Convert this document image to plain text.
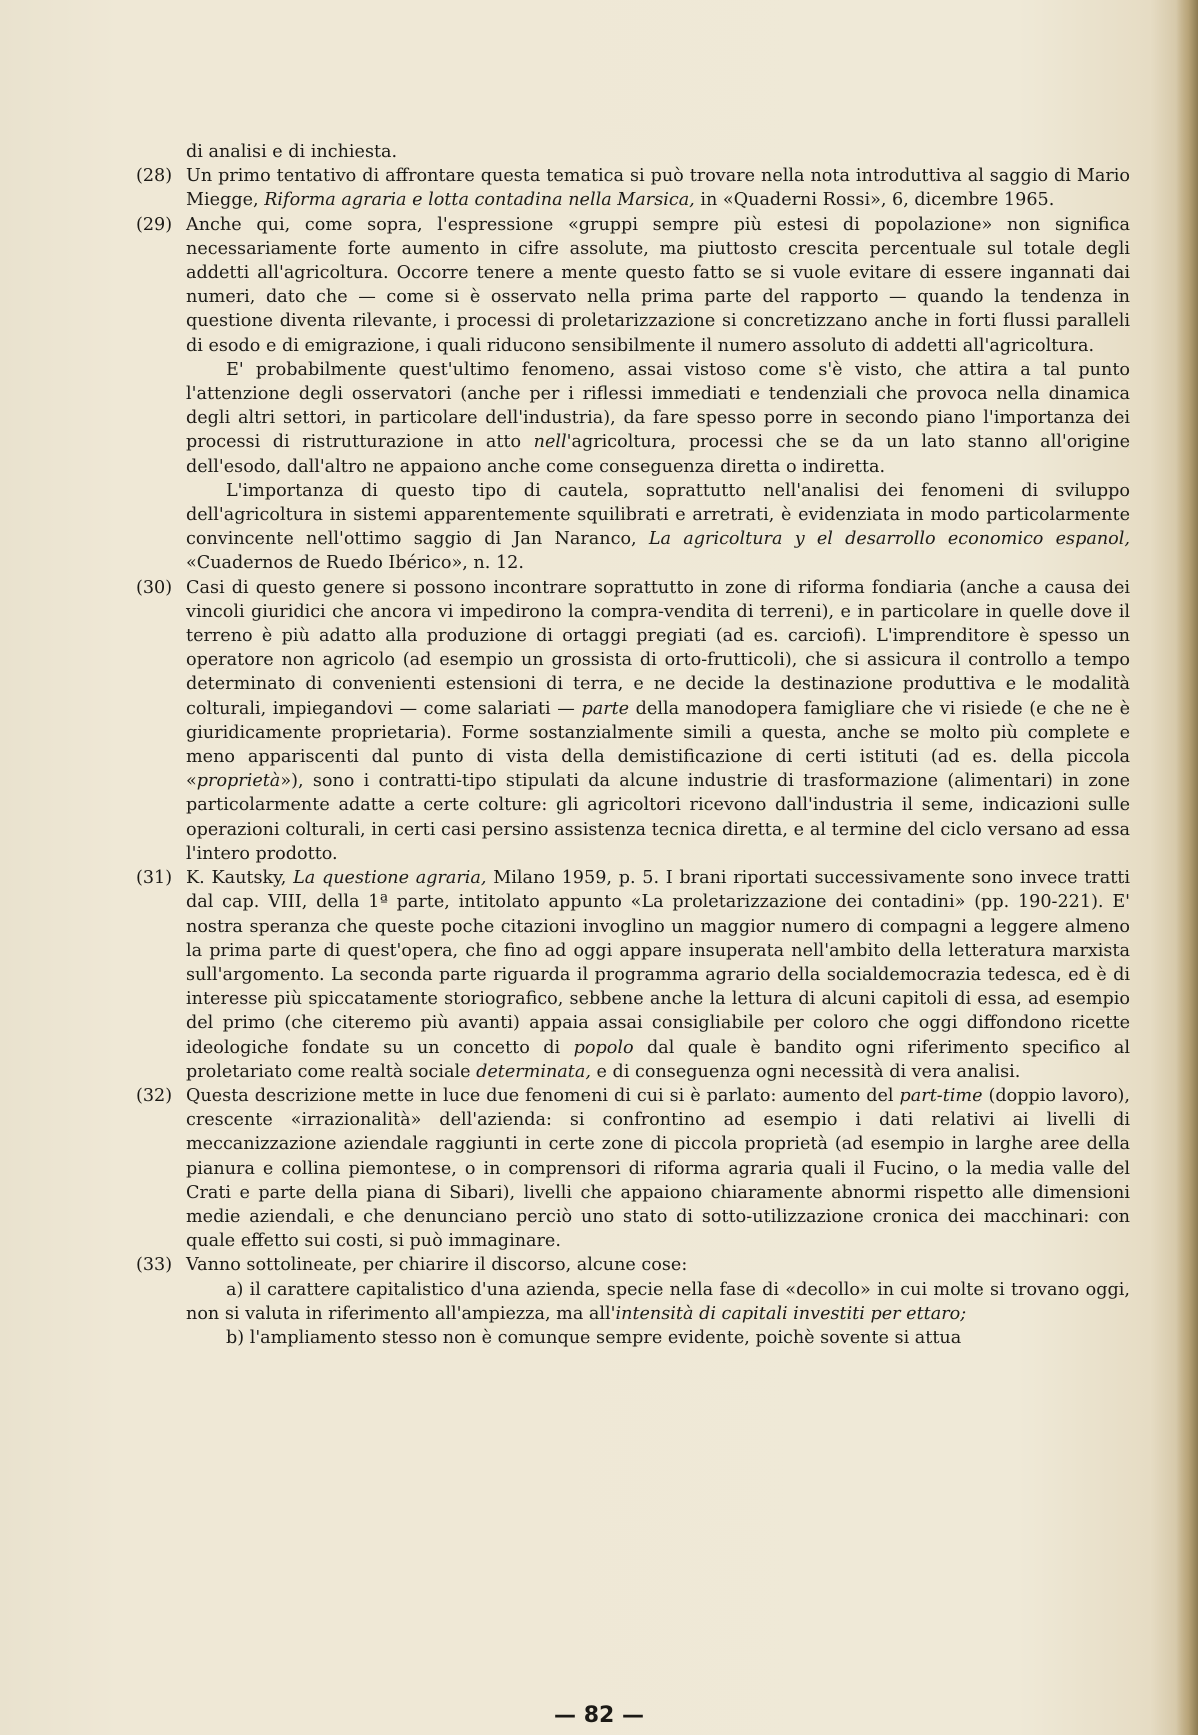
di analisi e di inchiesta.

(28) Un primo tentativo di affrontare questa tematica si può trovare nella nota introduttiva al saggio di Mario Miegge, Riforma agraria e lotta contadina nella Marsica, in «Quaderni Rossi», 6, dicembre 1965.
(29) Anche qui, come sopra, l'espressione «gruppi sempre più estesi di popolazione» non significa necessariamente forte aumento in cifre assolute, ma piuttosto crescita percentuale sul totale degli addetti all'agricoltura. Occorre tenere a mente questo fatto se si vuole evitare di essere ingannati dai numeri, dato che — come si è osservato nella prima parte del rapporto — quando la tendenza in questione diventa rilevante, i processi di proletarizzazione si concretizzano anche in forti flussi paralleli di esodo e di emigrazione, i quali riducono sensibilmente il numero assoluto di addetti all'agricoltura.

E' probabilmente quest'ultimo fenomeno, assai vistoso come s'è visto, che attira a tal punto l'attenzione degli osservatori (anche per i riflessi immediati e tendenziali che provoca nella dinamica degli altri settori, in particolare dell'industria), da fare spesso porre in secondo piano l'importanza dei processi di ristrutturazione in atto nell'agricoltura, processi che se da un lato stanno all'origine dell'esodo, dall'altro ne appaiono anche come conseguenza diretta o indiretta.

L'importanza di questo tipo di cautela, soprattutto nell'analisi dei fenomeni di sviluppo dell'agricoltura in sistemi apparentemente squilibrati e arretrati, è evidenziata in modo particolarmente convincente nell'ottimo saggio di Jan Naranco, La agricoltura y el desarrollo economico espanol, «Cuadernos de Ruedo Ibérico», n. 12.

(30) Casi di questo genere si possono incontrare soprattutto in zone di riforma fondiaria (anche a causa dei vincoli giuridici che ancora vi impedirono la compra-vendita di terreni), e in particolare in quelle dove il terreno è più adatto alla produzione di ortaggi pregiati (ad es. carciofi). L'imprenditore è spesso un operatore non agricolo (ad esempio un grossista di orto-frutticoli), che si assicura il controllo a tempo determinato di convenienti estensioni di terra, e ne decide la destinazione produttiva e le modalità colturali, impiegandovi — come salariati — parte della manodopera famigliare che vi risiede (e che ne è giuridicamente proprietaria). Forme sostanzialmente simili a questa, anche se molto più complete e meno appariscenti dal punto di vista della demistificazione di certi istituti (ad es. della piccola «proprietà»), sono i contratti-tipo stipulati da alcune industrie di trasformazione (alimentari) in zone particolarmente adatte a certe colture: gli agricoltori ricevono dall'industria il seme, indicazioni sulle operazioni colturali, in certi casi persino assistenza tecnica diretta, e al termine del ciclo versano ad essa l'intero prodotto.
(31) K. Kautsky, La questione agraria, Milano 1959, p. 5. I brani riportati successivamente sono invece tratti dal cap. VIII, della 1ª parte, intitolato appunto «La proletarizzazione dei contadini» (pp. 190-221). E' nostra speranza che queste poche citazioni invoglino un maggior numero di compagni a leggere almeno la prima parte di quest'opera, che fino ad oggi appare insuperata nell'ambito della letteratura marxista sull'argomento. La seconda parte riguarda il programma agrario della socialdemocrazia tedesca, ed è di interesse più spiccatamente storiografico, sebbene anche la lettura di alcuni capitoli di essa, ad esempio del primo (che citeremo più avanti) appaia assai consigliabile per coloro che oggi diffondono ricette ideologiche fondate su un concetto di popolo dal quale è bandito ogni riferimento specifico al proletariato come realtà sociale determinata, e di conseguenza ogni necessità di vera analisi.
(32) Questa descrizione mette in luce due fenomeni di cui si è parlato: aumento del part-time (doppio lavoro), crescente «irrazionalità» dell'azienda: si confrontino ad esempio i dati relativi ai livelli di meccanizzazione aziendale raggiunti in certe zone di piccola proprietà (ad esempio in larghe aree della pianura e collina piemontese, o in comprensori di riforma agraria quali il Fucino, o la media valle del Crati e parte della piana di Sibari), livelli che appaiono chiaramente abnormi rispetto alle dimensioni medie aziendali, e che denunciano perciò uno stato di sotto-utilizzazione cronica dei macchinari: con quale effetto sui costi, si può immaginare.
(33) Vanno sottolineate, per chiarire il discorso, alcune cose:

a) il carattere capitalistico d'una azienda, specie nella fase di «decollo» in cui molte si trovano oggi, non si valuta in riferimento all'ampiezza, ma all'intensità di capitali investiti per ettaro;

b) l'ampliamento stesso non è comunque sempre evidente, poichè sovente si attua

— 82 —
